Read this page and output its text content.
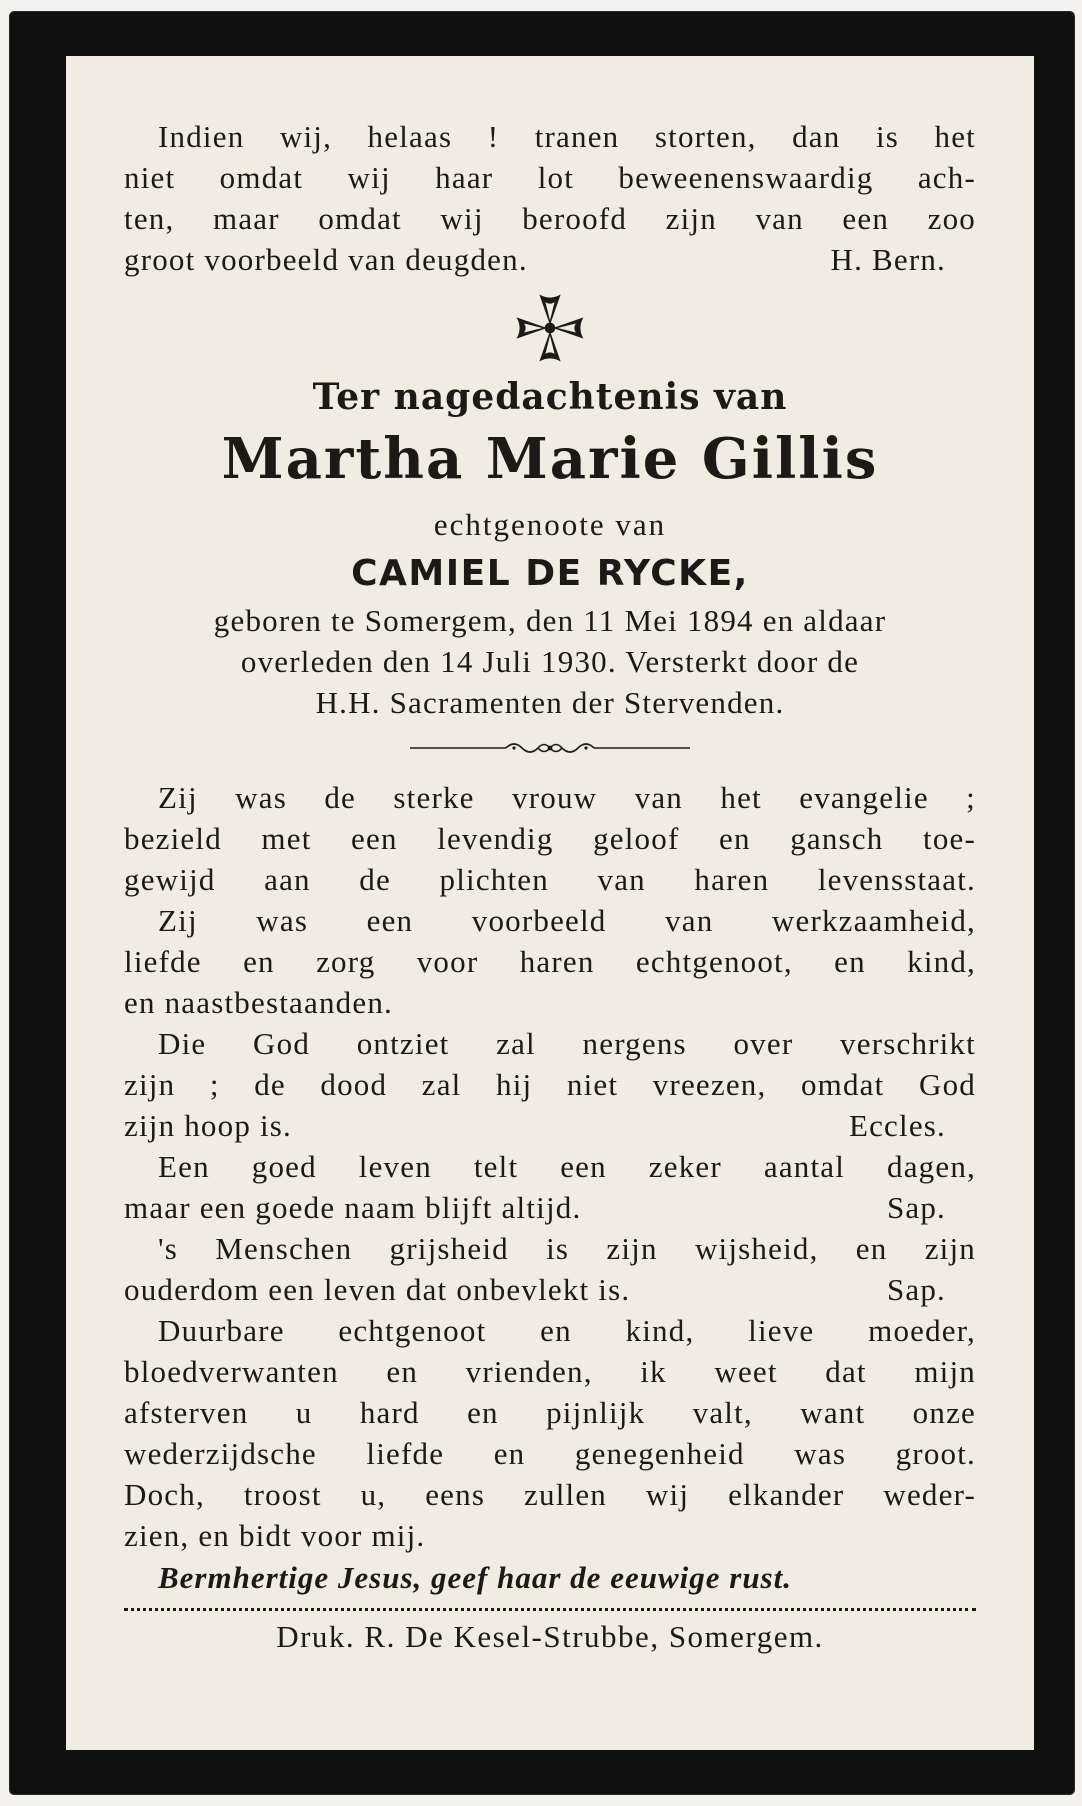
Indien wij, helaas ! tranen storten, dan is het
niet omdat wij haar lot beweenenswaardig ach-
ten, maar omdat wij beroofd zijn van een zoo
groot voorbeeld van deugden.	H. Bern.
Ter nagedachtenis van
Martha Marie Gillis
echtgenoote van
CAMIEL DE RYCKE,
geboren te Somergem, den 11 Mei 1894 en aldaar
overleden den 14 Juli 1930. Versterkt door de
H.H. Sacramenten der Stervenden.
Zij was de sterke vrouw van het evangelie ;
bezield met een levendig geloof en gansch toe-
gewijd aan de plichten van haren levensstaat.
Zij was een voorbeeld van werkzaamheid,
liefde en zorg voor haren echtgenoot, en kind,
en naastbestaanden.
Die God ontziet zal nergens over verschrikt
zijn ; de dood zal hij niet vreezen, omdat God
zijn hoop is.	Eccles.
Een goed leven telt een zeker aantal dagen,
maar een goede naam blijft altijd.	Sap.
's Menschen grijsheid is zijn wijsheid, en zijn
ouderdom een leven dat onbevlekt is.	Sap.
Duurbare echtgenoot en kind, lieve moeder,
bloedverwanten en vrienden, ik weet dat mijn
afsterven u hard en pijnlijk valt, want onze
wederzijdsche liefde en genegenheid was groot.
Doch, troost u, eens zullen wij elkander weder-
zien, en bidt voor mij.
Bermhertige Jesus, geef haar de eeuwige rust.
Druk. R. De Kesel-Strubbe, Somergem.
